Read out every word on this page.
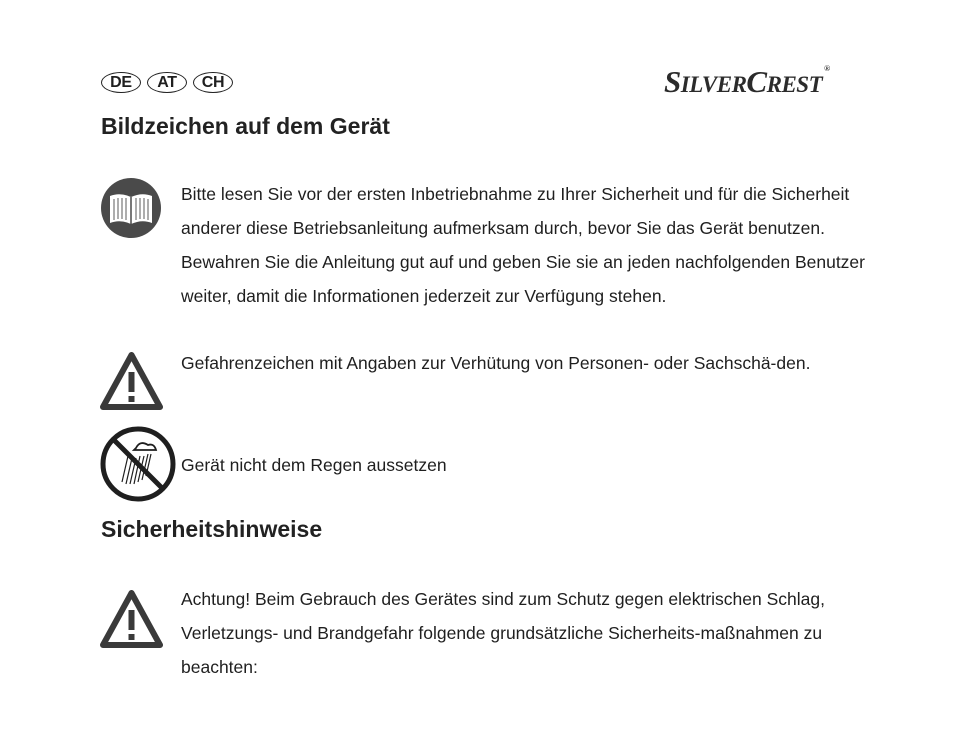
DE	AT	CH	SILVERCREST®
Bildzeichen auf dem Gerät

Bitte lesen Sie vor der ersten Inbetriebnahme zu Ihrer Sicherheit und für die Sicherheit anderer diese Betriebsanleitung aufmerksam durch, bevor Sie das Gerät benutzen. Bewahren Sie die Anleitung gut auf und geben Sie sie an jeden nachfolgenden Benutzer weiter, damit die Informationen jederzeit zur Verfügung stehen.

Gefahrenzeichen mit Angaben zur Verhütung von Personen- oder Sachschä-den.

Gerät nicht dem Regen aussetzen

Sicherheitshinweise

Achtung! Beim Gebrauch des Gerätes sind zum Schutz gegen elektrischen Schlag, Verletzungs- und Brandgefahr folgende grundsätzliche Sicherheits-maßnahmen zu beachten:
